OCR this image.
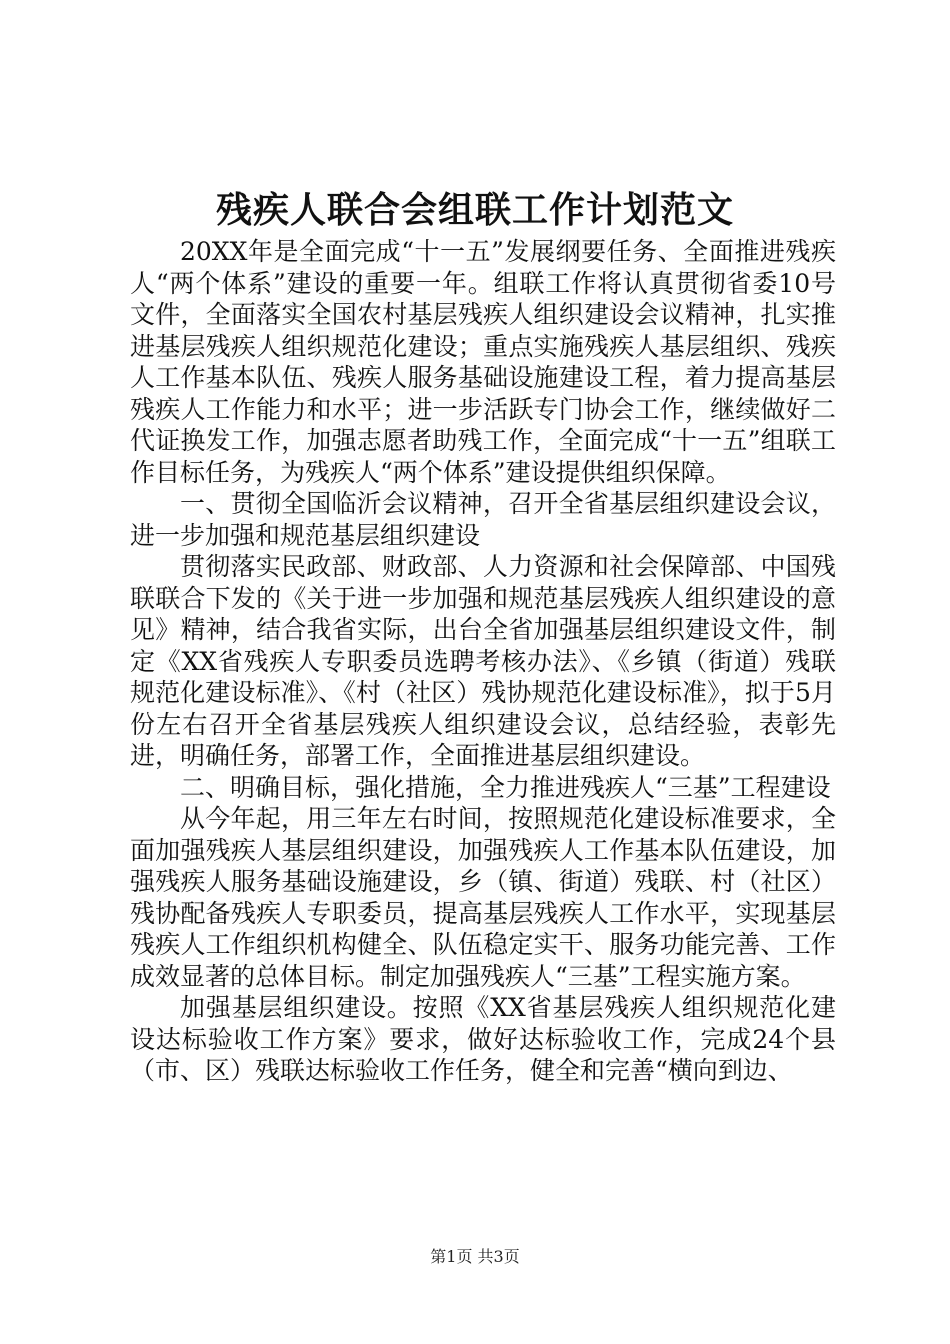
残疾人联合会组联工作计划范文

20XX年是全面完成“十一五”发展纲要任务、全面推进残疾人“两个体系”建设的重要一年。组联工作将认真贯彻省委10号文件，全面落实全国农村基层残疾人组织建设会议精神，扎实推进基层残疾人组织规范化建设；重点实施残疾人基层组织、残疾人工作基本队伍、残疾人服务基础设施建设工程，着力提高基层残疾人工作能力和水平；进一步活跃专门协会工作，继续做好二代证换发工作，加强志愿者助残工作，全面完成“十一五”组联工作目标任务，为残疾人“两个体系”建设提供组织保障。

一、贯彻全国临沂会议精神，召开全省基层组织建设会议，进一步加强和规范基层组织建设

贯彻落实民政部、财政部、人力资源和社会保障部、中国残联联合下发的《关于进一步加强和规范基层残疾人组织建设的意见》精神，结合我省实际，出台全省加强基层组织建设文件，制定《XX省残疾人专职委员选聘考核办法》、《乡镇（街道）残联规范化建设标准》、《村（社区）残协规范化建设标准》，拟于5月份左右召开全省基层残疾人组织建设会议，总结经验，表彰先进，明确任务，部署工作，全面推进基层组织建设。

二、明确目标，强化措施，全力推进残疾人“三基”工程建设

从今年起，用三年左右时间，按照规范化建设标准要求，全面加强残疾人基层组织建设，加强残疾人工作基本队伍建设，加强残疾人服务基础设施建设，乡（镇、街道）残联、村（社区）残协配备残疾人专职委员，提高基层残疾人工作水平，实现基层残疾人工作组织机构健全、队伍稳定实干、服务功能完善、工作成效显著的总体目标。制定加强残疾人“三基”工程实施方案。

加强基层组织建设。按照《XX省基层残疾人组织规范化建设达标验收工作方案》要求，做好达标验收工作，完成24个县（市、区）残联达标验收工作任务，健全和完善“横向到边、

第1页 共3页
